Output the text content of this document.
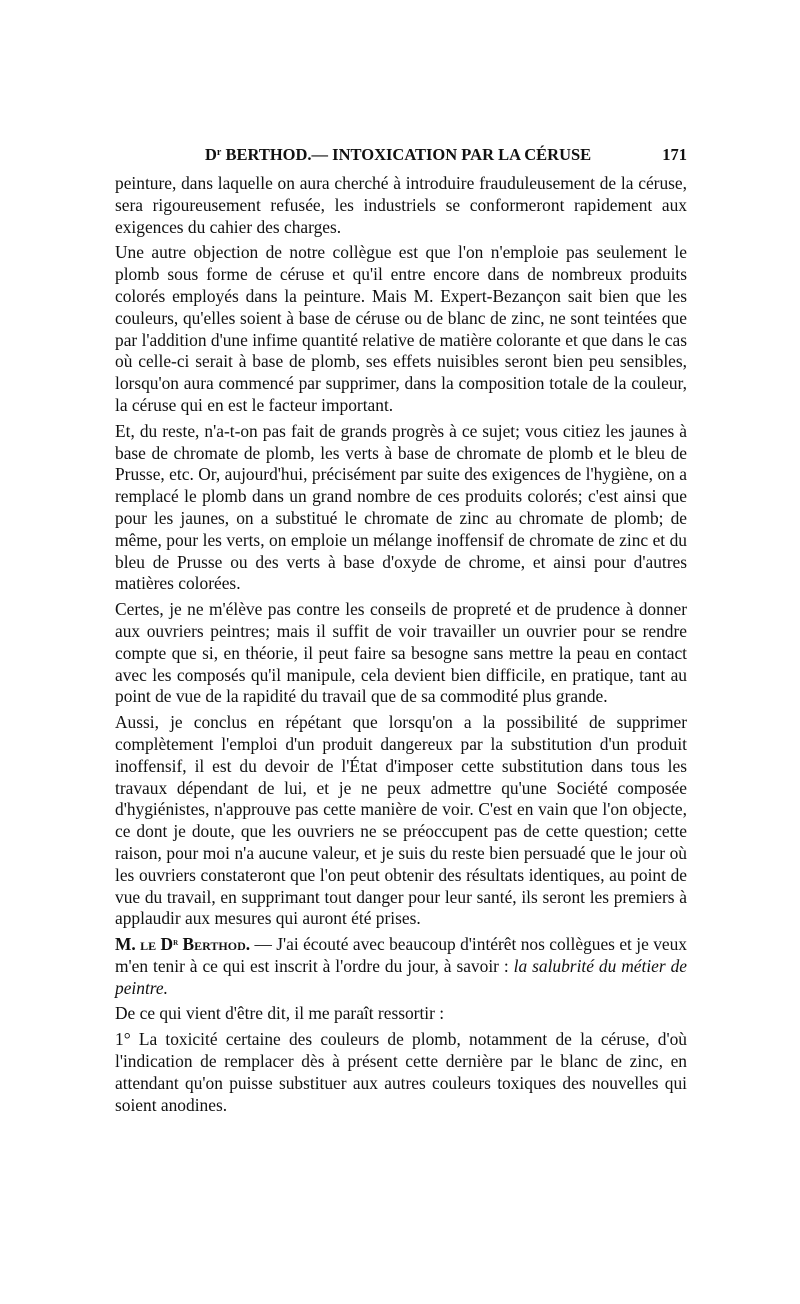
$D^r$ BERTHOD.— INTOXICATION PAR LA CÉRUSE	171

peinture, dans laquelle on aura cherché à introduire frauduleusement de la céruse, sera rigoureusement refusée, les industriels se conformeront rapidement aux exigences du cahier des charges.

Une autre objection de notre collègue est que l'on n'emploie pas seulement le plomb sous forme de céruse et qu'il entre encore dans de nombreux produits colorés employés dans la peinture. Mais M. Expert-Bezançon sait bien que les couleurs, qu'elles soient à base de céruse ou de blanc de zinc, ne sont teintées que par l'addition d'une infime quantité relative de matière colorante et que dans le cas où celle-ci serait à base de plomb, ses effets nuisibles seront bien peu sensibles, lorsqu'on aura commencé par supprimer, dans la composition totale de la couleur, la céruse qui en est le facteur important.

Et, du reste, n'a-t-on pas fait de grands progrès à ce sujet; vous citiez les jaunes à base de chromate de plomb, les verts à base de chromate de plomb et le bleu de Prusse, etc. Or, aujourd'hui, précisément par suite des exigences de l'hygiène, on a remplacé le plomb dans un grand nombre de ces produits colorés; c'est ainsi que pour les jaunes, on a substitué le chromate de zinc au chromate de plomb; de même, pour les verts, on emploie un mélange inoffensif de chromate de zinc et du bleu de Prusse ou des verts à base d'oxyde de chrome, et ainsi pour d'autres matières colorées.

Certes, je ne m'élève pas contre les conseils de propreté et de prudence à donner aux ouvriers peintres; mais il suffit de voir travailler un ouvrier pour se rendre compte que si, en théorie, il peut faire sa besogne sans mettre la peau en contact avec les composés qu'il manipule, cela devient bien difficile, en pratique, tant au point de vue de la rapidité du travail que de sa commodité plus grande.

Aussi, je conclus en répétant que lorsqu'on a la possibilité de supprimer complètement l'emploi d'un produit dangereux par la substitution d'un produit inoffensif, il est du devoir de l'État d'imposer cette substitution dans tous les travaux dépendant de lui, et je ne peux admettre qu'une Société composée d'hygiénistes, n'approuve pas cette manière de voir. C'est en vain que l'on objecte, ce dont je doute, que les ouvriers ne se préoccupent pas de cette question; cette raison, pour moi n'a aucune valeur, et je suis du reste bien persuadé que le jour où les ouvriers constateront que l'on peut obtenir des résultats identiques, au point de vue du travail, en supprimant tout danger pour leur santé, ils seront les premiers à applaudir aux mesures qui auront été prises.

M. le $D^r$ Berthod. — J'ai écouté avec beaucoup d'intérêt nos collègues et je veux m'en tenir à ce qui est inscrit à l'ordre du jour, à savoir : la salubrité du métier de peintre.

De ce qui vient d'être dit, il me paraît ressortir :

1° La toxicité certaine des couleurs de plomb, notamment de la céruse, d'où l'indication de remplacer dès à présent cette dernière par le blanc de zinc, en attendant qu'on puisse substituer aux autres couleurs toxiques des nouvelles qui soient anodines.
